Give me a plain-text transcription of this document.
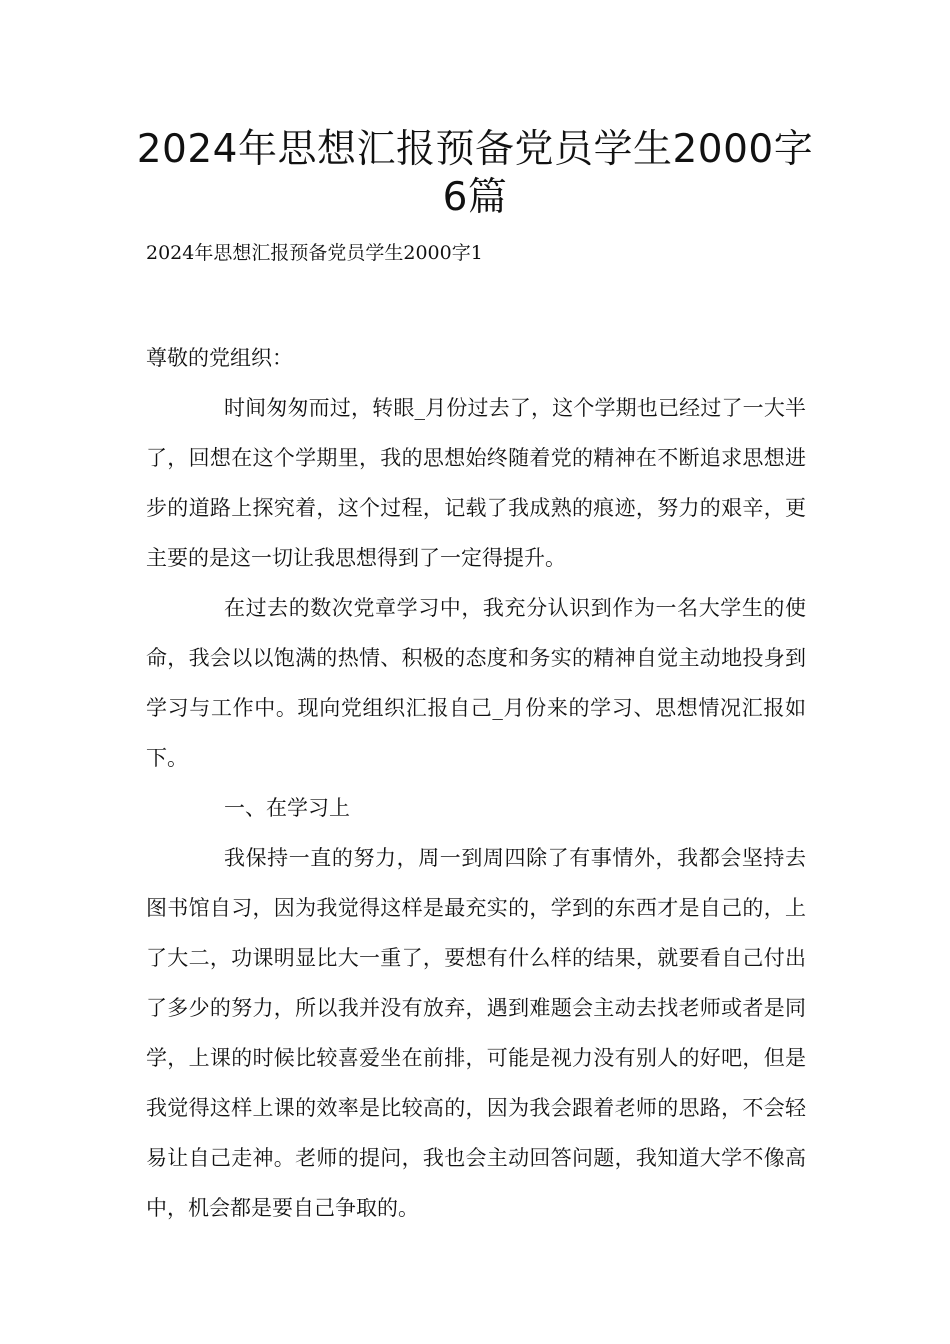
2024年思想汇报预备党员学生2000字6篇
2024年思想汇报预备党员学生2000字1

尊敬的党组织：

时间匆匆而过，转眼_月份过去了，这个学期也已经过了一大半了，回想在这个学期里，我的思想始终随着党的精神在不断追求思想进步的道路上探究着，这个过程，记载了我成熟的痕迹，努力的艰辛，更主要的是这一切让我思想得到了一定得提升。

在过去的数次党章学习中，我充分认识到作为一名大学生的使命，我会以以饱满的热情、积极的态度和务实的精神自觉主动地投身到学习与工作中。现向党组织汇报自己_月份来的学习、思想情况汇报如下。

一、在学习上

我保持一直的努力，周一到周四除了有事情外，我都会坚持去图书馆自习，因为我觉得这样是最充实的，学到的东西才是自己的，上了大二，功课明显比大一重了，要想有什么样的结果，就要看自己付出了多少的努力，所以我并没有放弃，遇到难题会主动去找老师或者是同学，上课的时候比较喜爱坐在前排，可能是视力没有别人的好吧，但是我觉得这样上课的效率是比较高的，因为我会跟着老师的思路，不会轻易让自己走神。老师的提问，我也会主动回答问题，我知道大学不像高中，机会都是要自己争取的。
